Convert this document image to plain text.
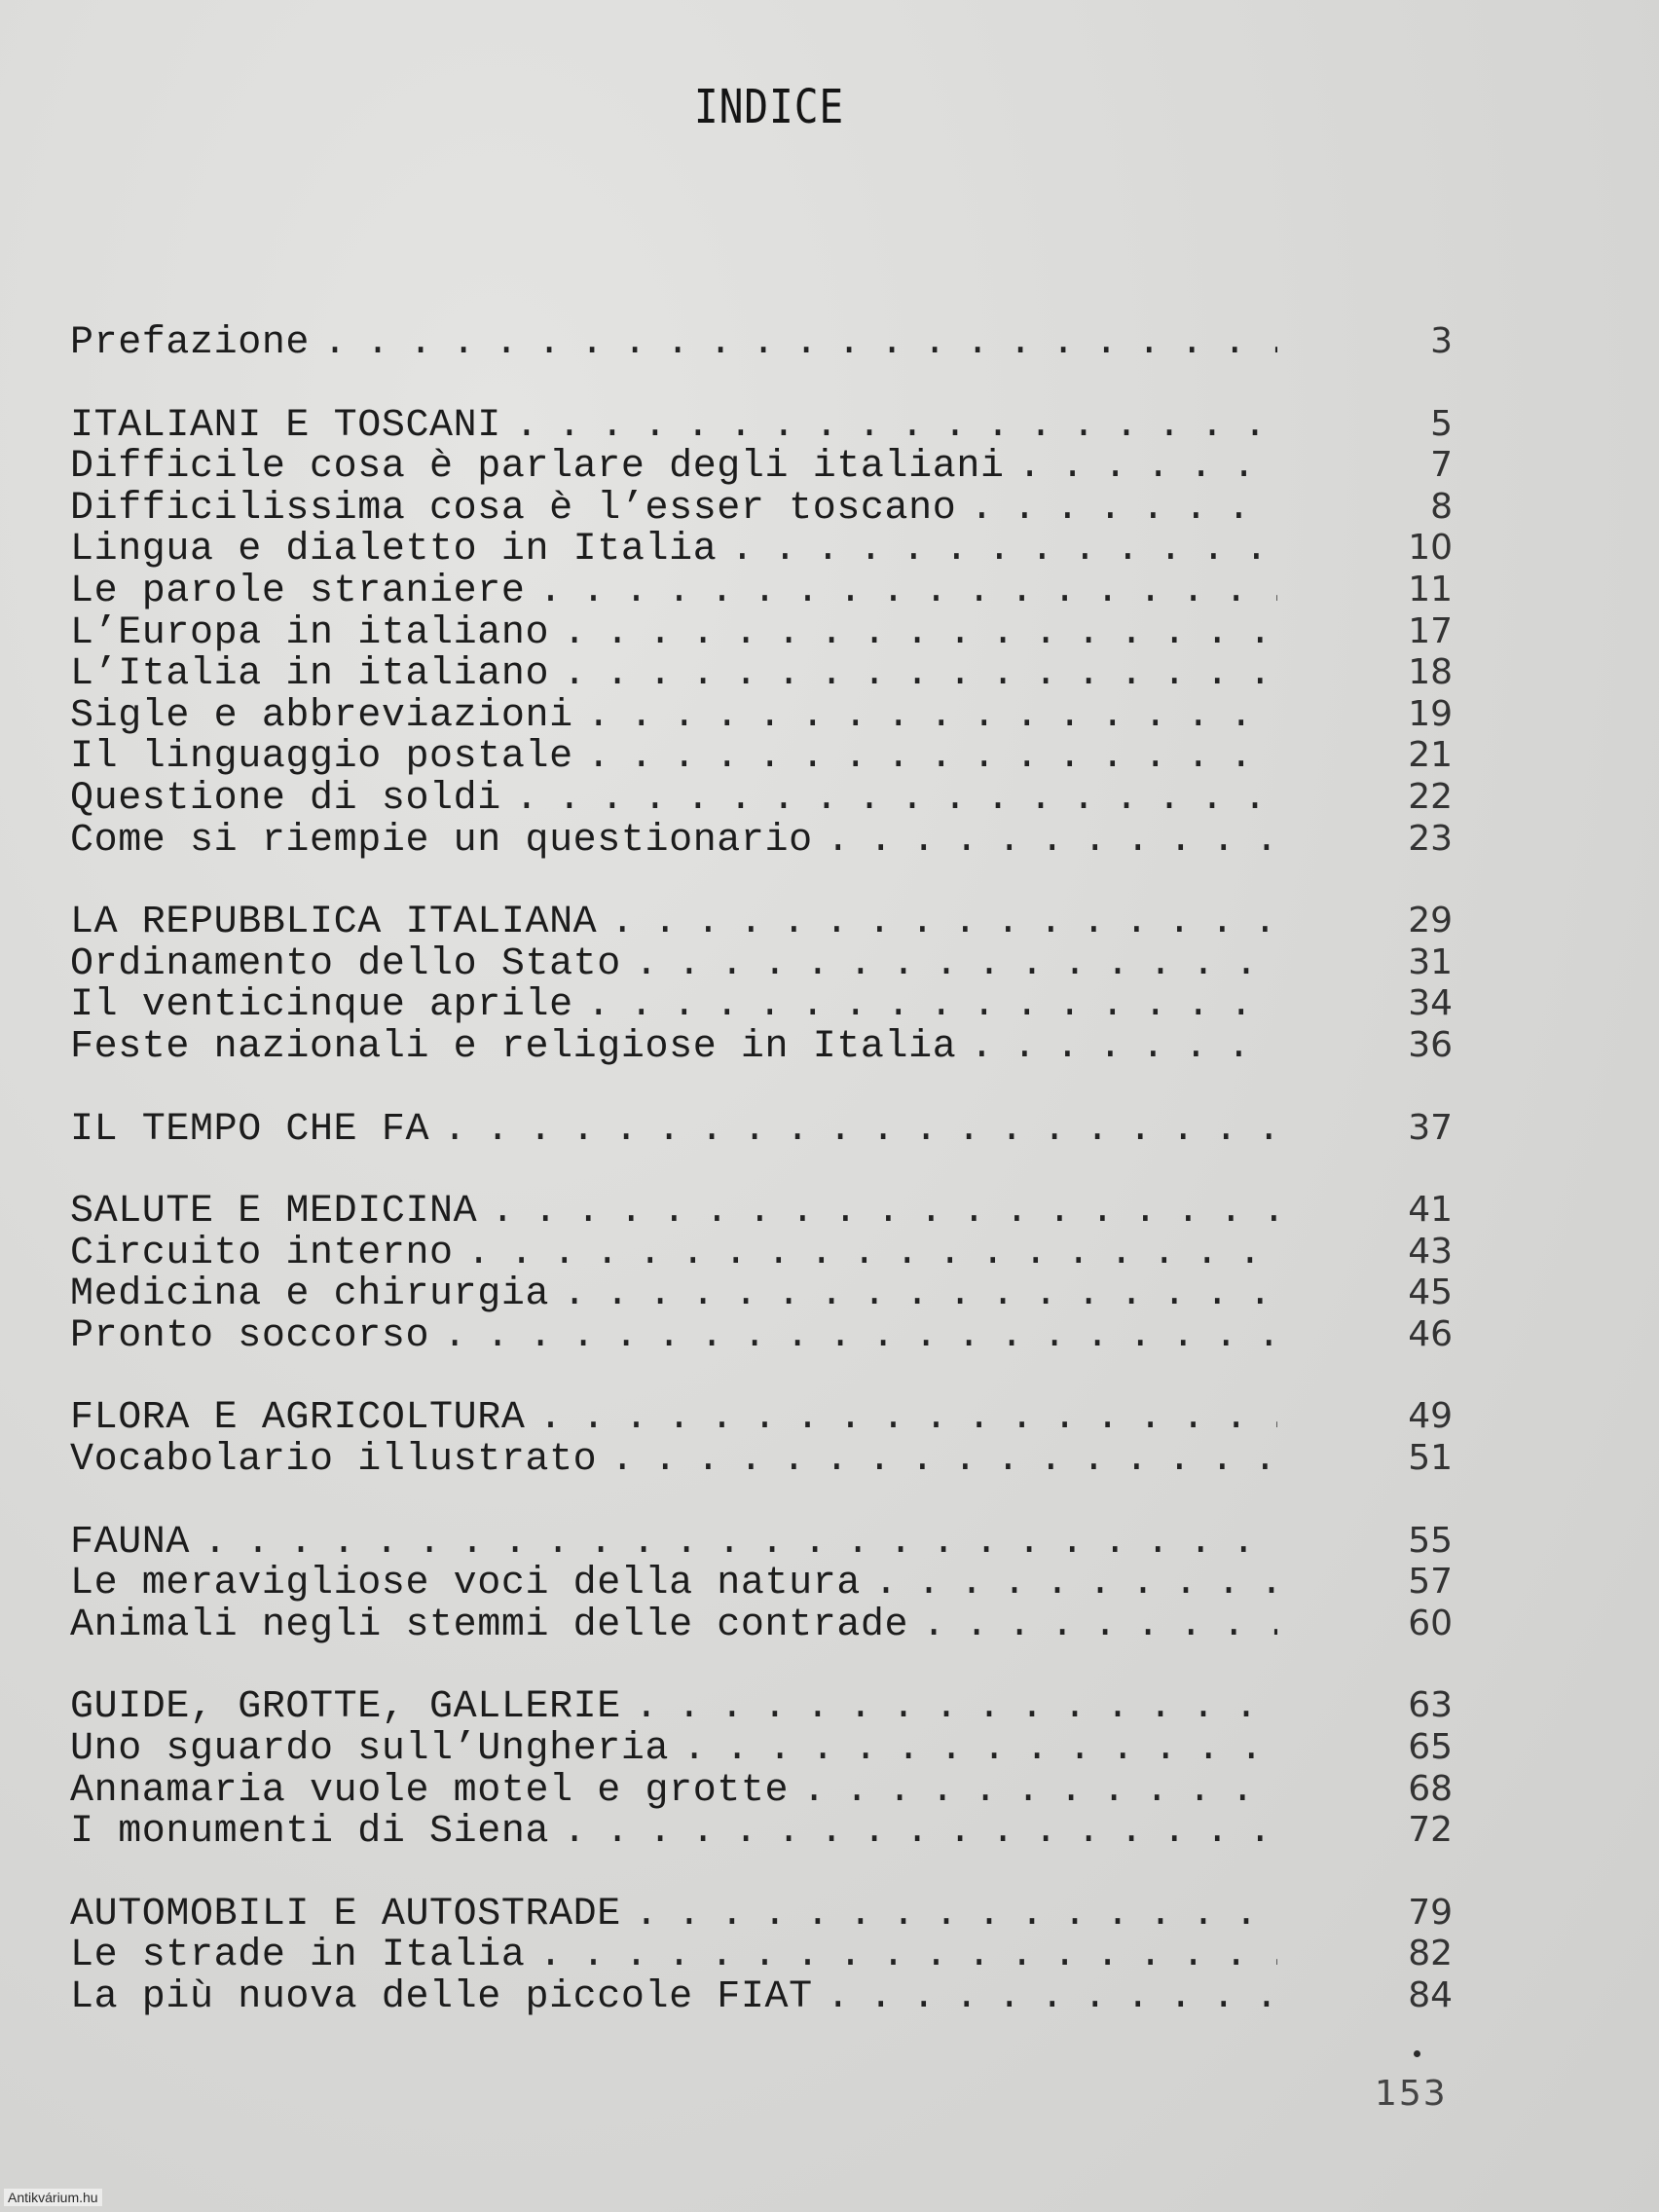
INDICE
Prefazione . . .	3
ITALIANI E TOSCANI . . .	5
Difficile cosa è parlare degli italiani . . .	7
Difficilissima cosa è l’esser toscano . . .	8
Lingua e dialetto in Italia . . .	10
Le parole straniere . . .	11
L’Europa in italiano . . .	17
L’Italia in italiano . . .	18
Sigle e abbreviazioni . . .	19
Il linguaggio postale . . .	21
Questione di soldi . . .	22
Come si riempie un questionario . . .	23
LA REPUBBLICA ITALIANA . . .	29
Ordinamento dello Stato . . .	31
Il venticinque aprile . . .	34
Feste nazionali e religiose in Italia . . .	36
IL TEMPO CHE FA . . .	37
SALUTE E MEDICINA . . .	41
Circuito interno . . .	43
Medicina e chirurgia . . .	45
Pronto soccorso . . .	46
FLORA E AGRICOLTURA . . .	49
Vocabolario illustrato . . .	51
FAUNA . . .	55
Le meravigliose voci della natura . . .	57
Animali negli stemmi delle contrade . . .	60
GUIDE, GROTTE, GALLERIE . . .	63
Uno sguardo sull’Ungheria . . .	65
Annamaria vuole motel e grotte . . .	68
I monumenti di Siena . . .	72
AUTOMOBILI E AUTOSTRADE . . .	79
Le strade in Italia . . .	82
La più nuova delle piccole FIAT . . .	84
153
Antikvárium.hu
